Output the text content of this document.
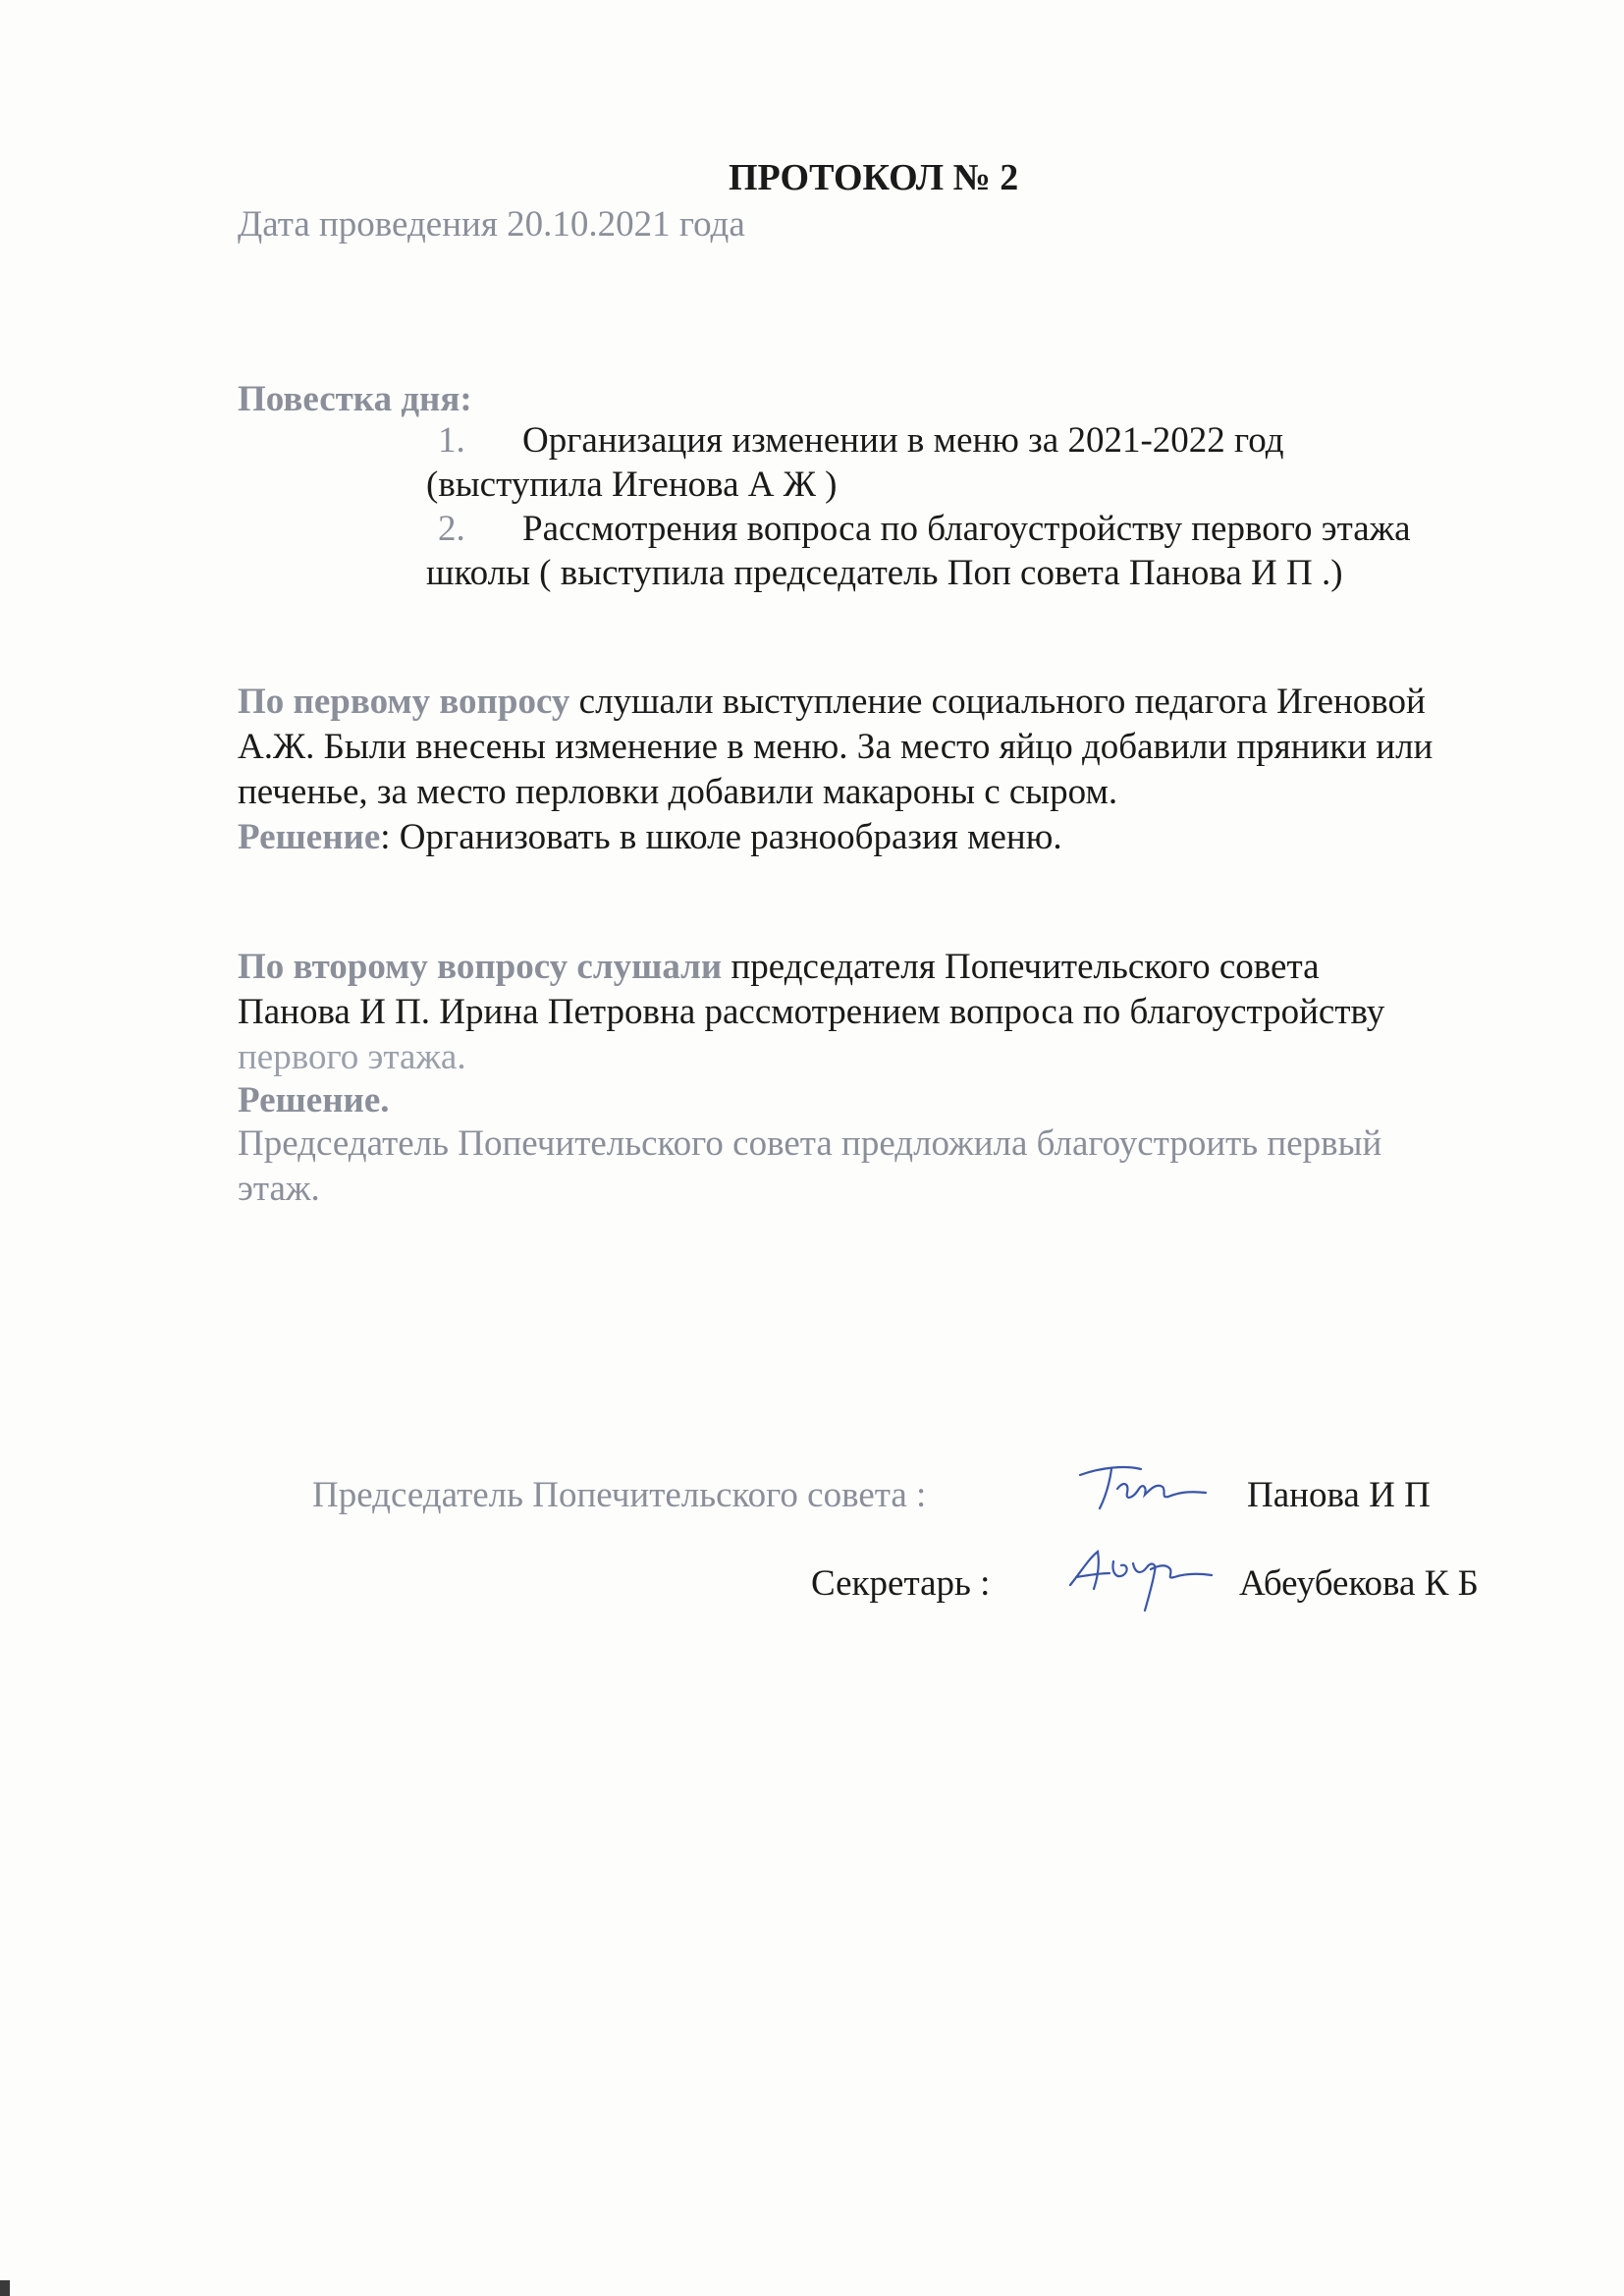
ПРОТОКОЛ № 2
Дата проведения 20.10.2021 года
Повестка дня:
1. Организация изменении в меню за 2021-2022 год
(выступила Игенова А Ж )
2. Рассмотрения вопроса по благоустройству первого этажа
школы ( выступила председатель Поп совета Панова И П .)
По первому вопросу слушали выступление социального педагога Игеновой
А.Ж. Были внесены изменение в меню. За место яйцо добавили пряники или
печенье, за место перловки добавили макароны с сыром.
Решение: Организовать в школе разнообразия меню.
По второму вопросу слушали председателя Попечительского совета
Панова И П. Ирина Петровна рассмотрением вопроса по благоустройству
первого этажа.
Решение.
Председатель Попечительского совета предложила благоустроить первый
этаж.
Председатель Попечительского совета :	Панова И П
Секретарь :	Абеубекова К Б
